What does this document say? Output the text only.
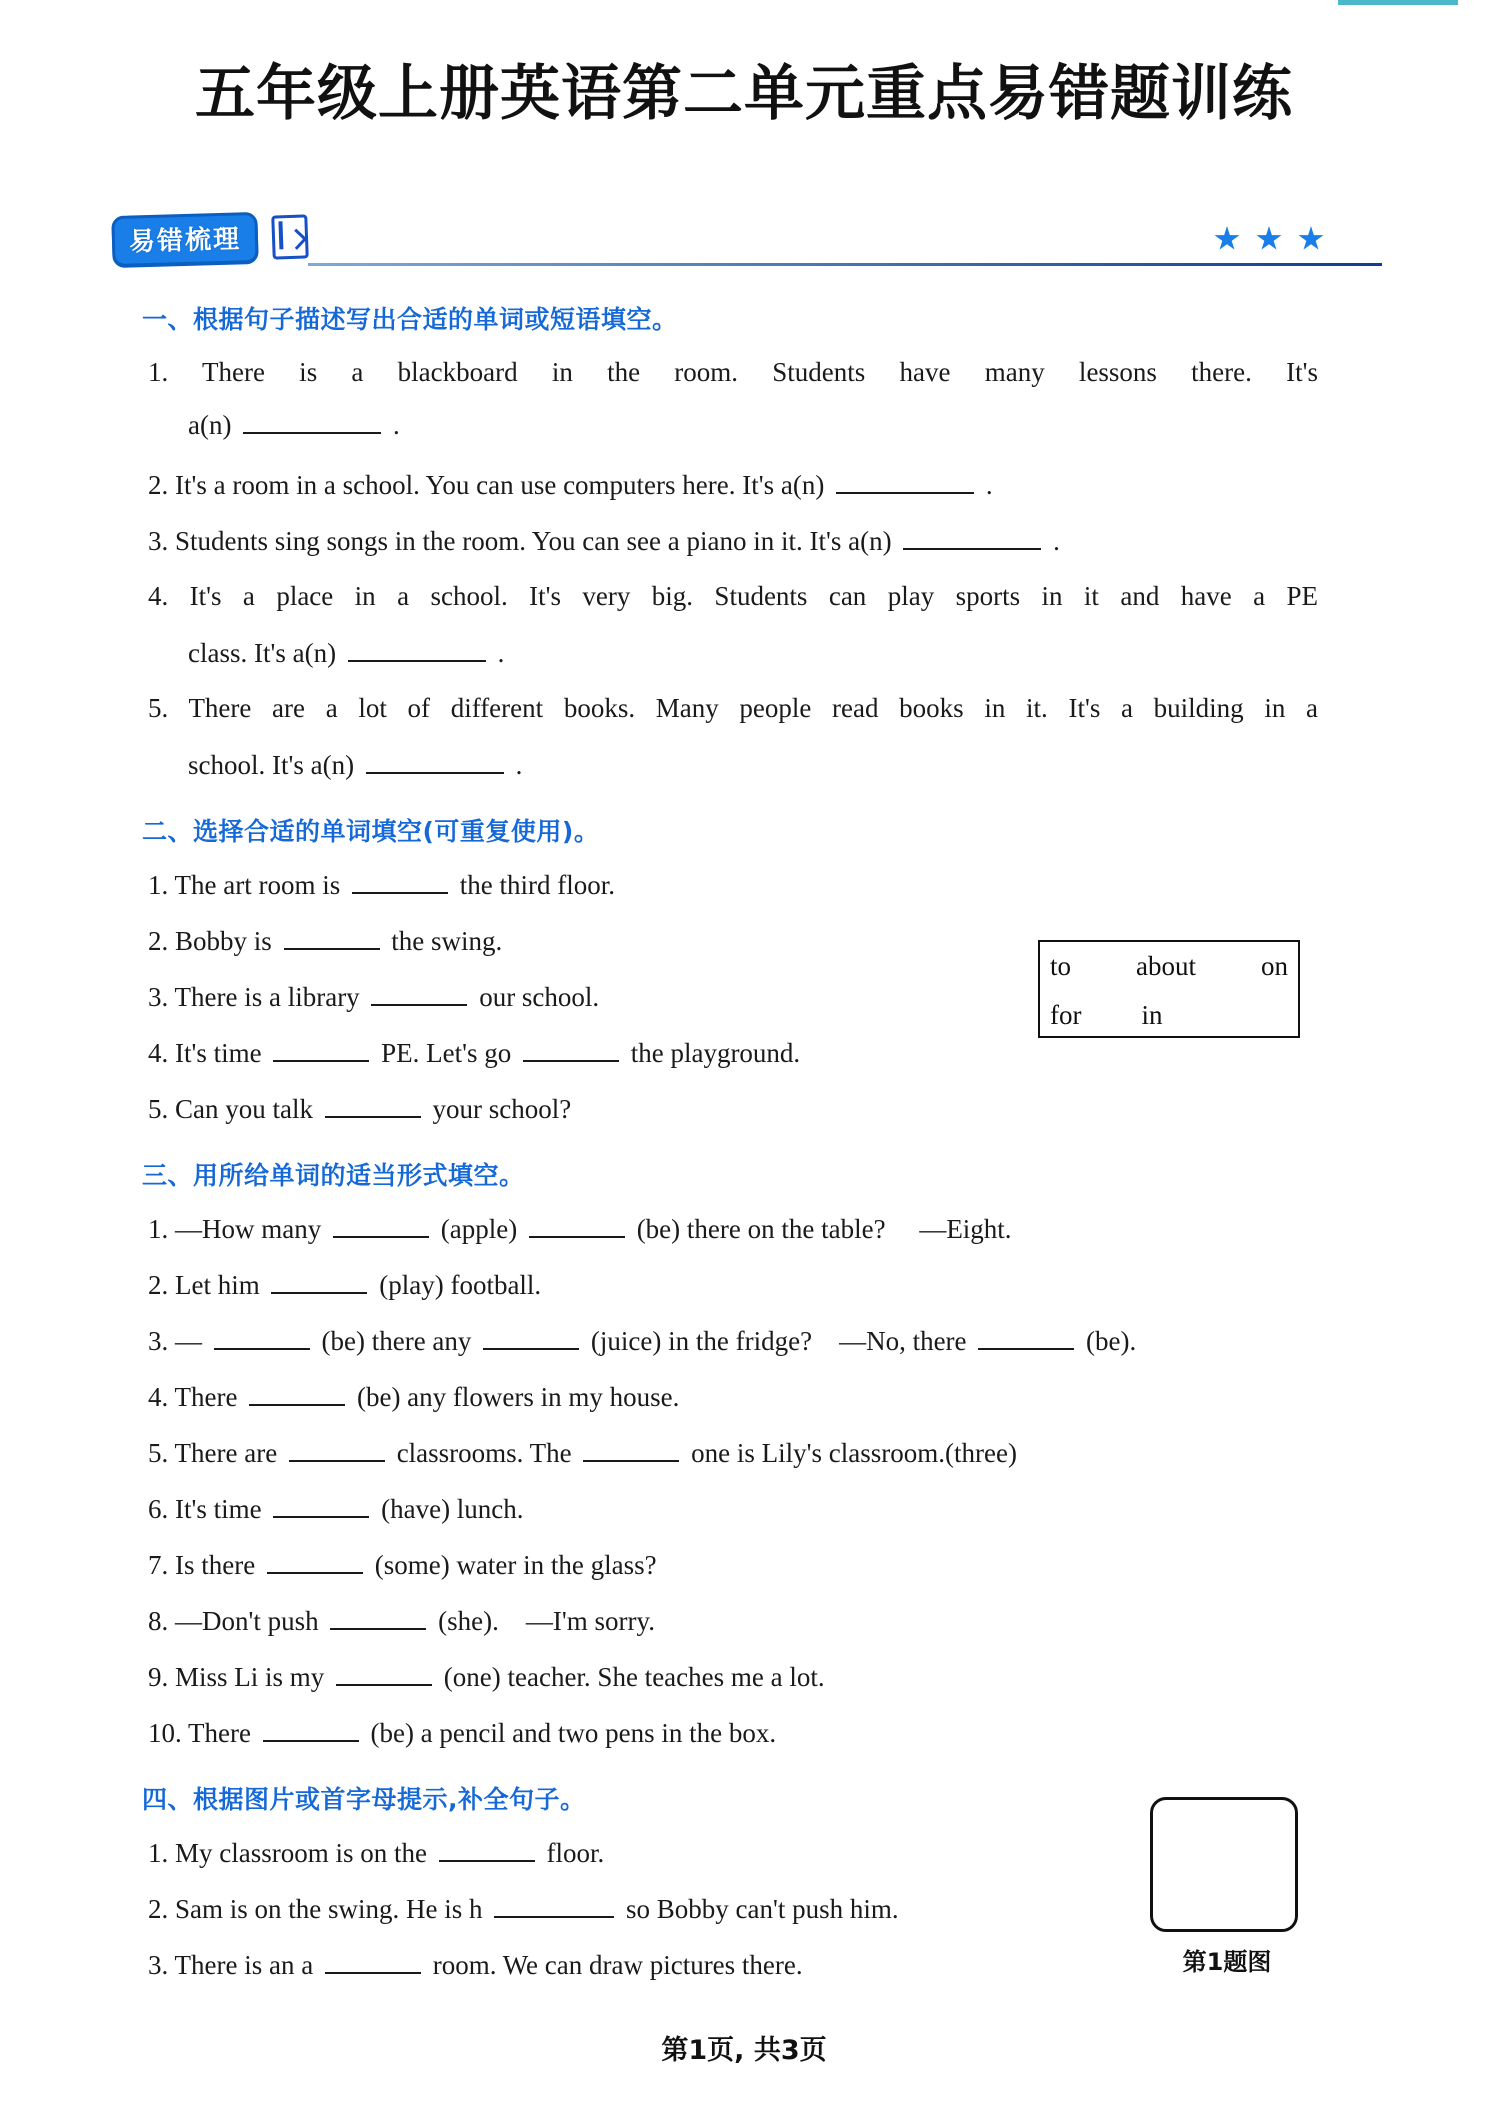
五年级上册英语第二单元重点易错题训练
易错梳理
一、根据句子描述写出合适的单词或短语填空。
1. There is a blackboard in the room. Students have many lessons there. It's
a(n)	.
2. It's a room in a school. You can use computers here. It's a(n)	.
3. Students sing songs in the room. You can see a piano in it. It's a(n)	.
4. It's a place in a school. It's very big. Students can play sports in it and have a PE
class. It's a(n)	.
5. There are a lot of different books. Many people read books in it. It's a building in a
school. It's a(n)	.
二、选择合适的单词填空(可重复使用)。
1. The art room is	the third floor.
2. Bobby is	the swing.
3. There is a library	our school.
4. It's time	PE. Let's go	the playground.
5. Can you talk	your school?
to about on
for in
三、用所给单词的适当形式填空。
1. —How many	(apple)	(be) there on the table? —Eight.
2. Let him	(play) football.
3. —	(be) there any	(juice) in the fridge? —No, there	(be).
4. There	(be) any flowers in my house.
5. There are	classrooms. The	one is Lily's classroom.(three)
6. It's time	(have) lunch.
7. Is there	(some) water in the glass?
8. —Don't push	(she).　—I'm sorry.
9. Miss Li is my	(one) teacher. She teaches me a lot.
10. There	(be) a pencil and two pens in the box.
四、根据图片或首字母提示,补全句子。
1. My classroom is on the	floor.
2. Sam is on the swing. He is h	so Bobby can't push him.
3. There is an a	room. We can draw pictures there.	第1题图
第1页, 共3页
